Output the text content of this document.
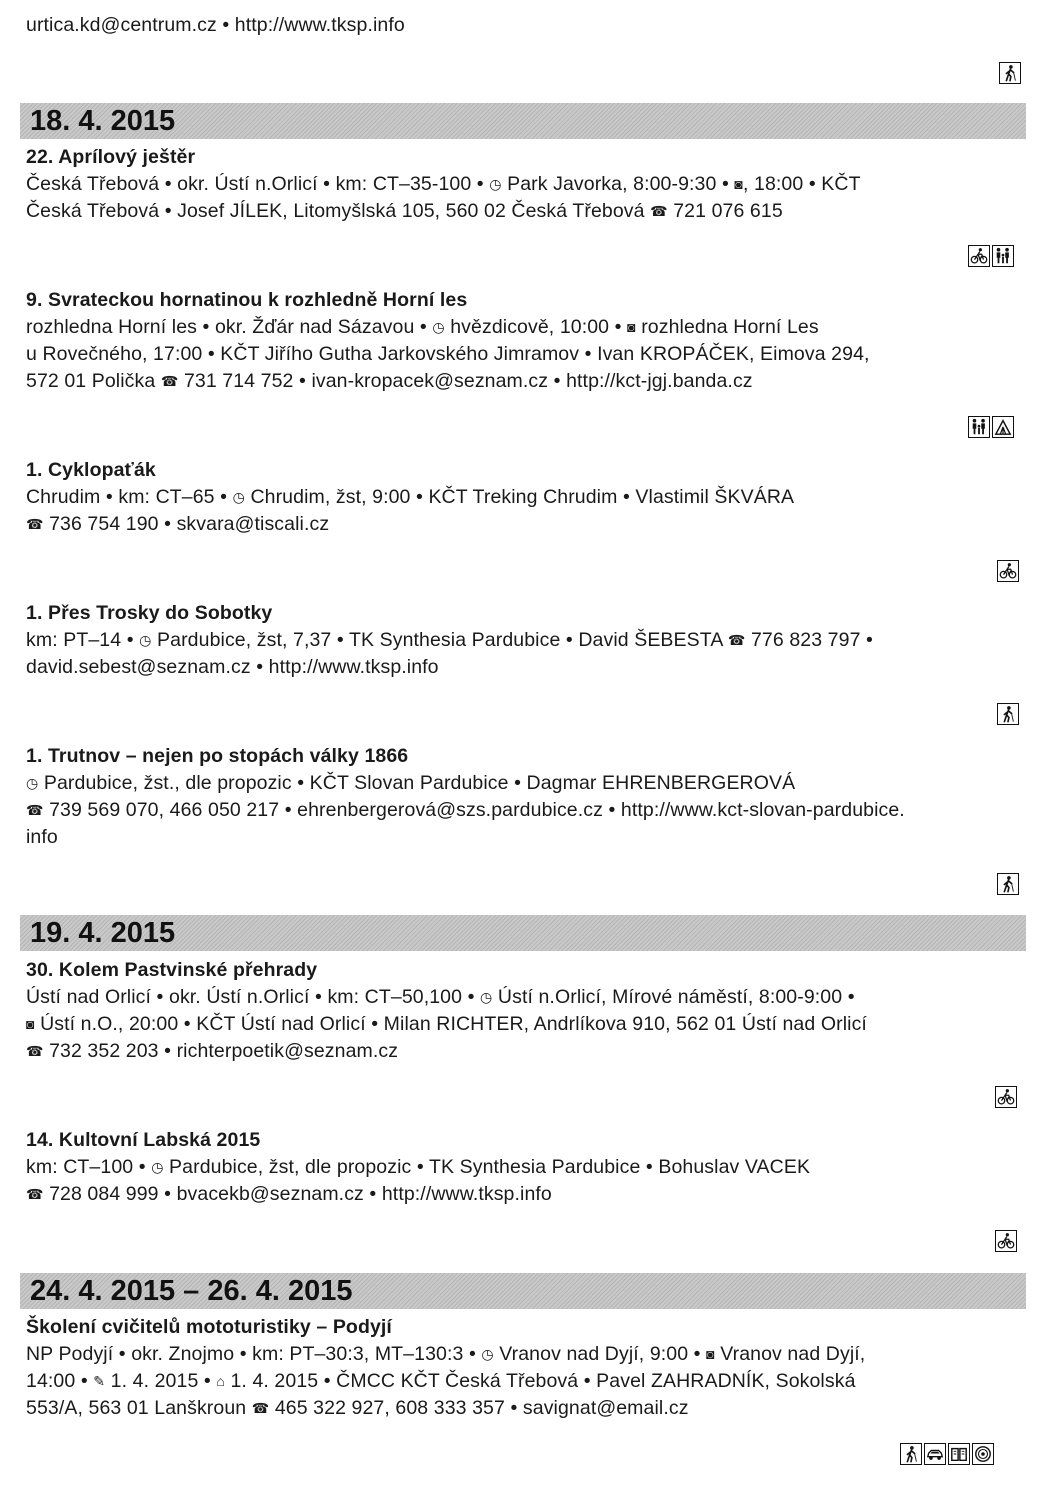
urtica.kd@centrum.cz • http://www.tksp.info
18. 4. 2015
22. Aprílový ještěr
Česká Třebová • okr. Ústí n.Orlicí • km: CT–35-100 • ◷ Park Javorka, 8:00-9:30 • ◙, 18:00 • KČT
Česká Třebová • Josef JÍLEK, Litomyšlská 105, 560 02 Česká Třebová ☎ 721 076 615
9. Svrateckou hornatinou k rozhledně Horní les
rozhledna Horní les • okr. Žďár nad Sázavou • ◷ hvězdicově, 10:00 • ◙ rozhledna Horní Les
u Rovečného, 17:00 • KČT Jiřího Gutha Jarkovského Jimramov • Ivan KROPÁČEK, Eimova 294,
572 01 Polička ☎ 731 714 752 • ivan-kropacek@seznam.cz • http://kct-jgj.banda.cz
1. Cyklopaťák
Chrudim • km: CT–65 • ◷ Chrudim, žst, 9:00 • KČT Treking Chrudim • Vlastimil ŠKVÁRA
☎ 736 754 190 • skvara@tiscali.cz
1. Přes Trosky do Sobotky
km: PT–14 • ◷ Pardubice, žst, 7,37 • TK Synthesia Pardubice • David ŠEBESTA ☎ 776 823 797 •
david.sebest@seznam.cz • http://www.tksp.info
1. Trutnov – nejen po stopách války 1866
◷ Pardubice, žst., dle propozic • KČT Slovan Pardubice • Dagmar EHRENBERGEROVÁ
☎ 739 569 070, 466 050 217 • ehrenbergerová@szs.pardubice.cz • http://www.kct-slovan-pardubice.
info
19. 4. 2015
30. Kolem Pastvinské přehrady
Ústí nad Orlicí • okr. Ústí n.Orlicí • km: CT–50,100 • ◷ Ústí n.Orlicí, Mírové náměstí, 8:00-9:00 •
◙ Ústí n.O., 20:00 • KČT Ústí nad Orlicí • Milan RICHTER, Andrlíkova 910, 562 01 Ústí nad Orlicí
☎ 732 352 203 • richterpoetik@seznam.cz
14. Kultovní Labská 2015
km: CT–100 • ◷ Pardubice, žst, dle propozic • TK Synthesia Pardubice • Bohuslav VACEK
☎ 728 084 999 • bvacekb@seznam.cz • http://www.tksp.info
24. 4. 2015 – 26. 4. 2015
Školení cvičitelů mototuristiky – Podyjí
NP Podyjí • okr. Znojmo • km: PT–30:3, MT–130:3 • ◷ Vranov nad Dyjí, 9:00 • ◙ Vranov nad Dyjí,
14:00 • ✎ 1. 4. 2015 • ⌂ 1. 4. 2015 • ČMCC KČT Česká Třebová • Pavel ZAHRADNÍK, Sokolská
553/A, 563 01 Lanškroun ☎ 465 322 927, 608 333 357 • savignat@email.cz
